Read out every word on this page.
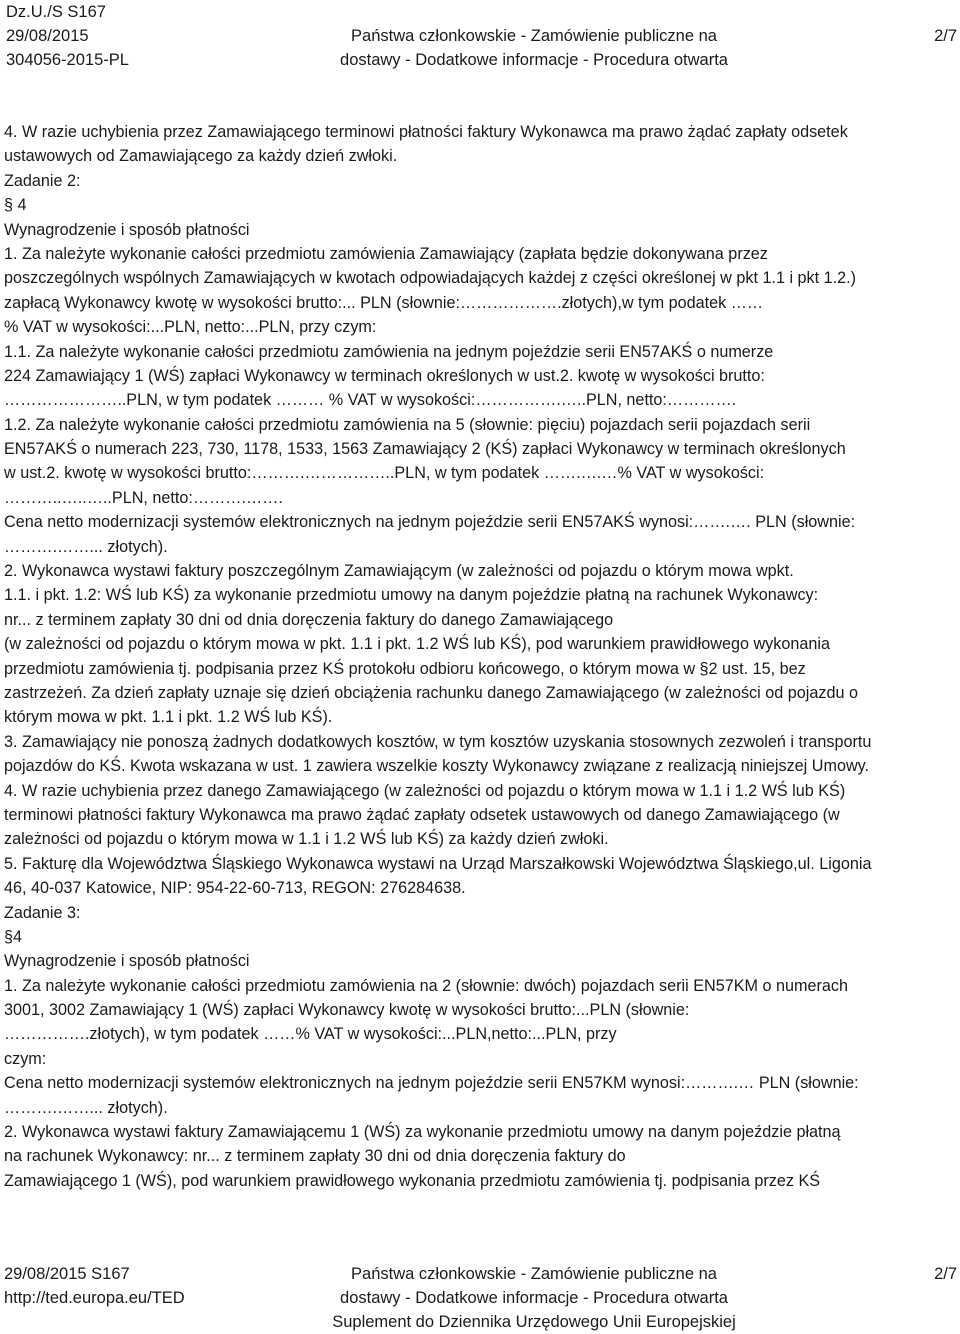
Dz.U./S S167
29/08/2015
304056-2015-PL
Państwa członkowskie - Zamówienie publiczne na
dostawy - Dodatkowe informacje - Procedura otwarta
2/7
4. W razie uchybienia przez Zamawiającego terminowi płatności faktury Wykonawca ma prawo żądać zapłaty odsetek
ustawowych od Zamawiającego za każdy dzień zwłoki.
Zadanie 2:
§ 4
Wynagrodzenie i sposób płatności
1. Za należyte wykonanie całości przedmiotu zamówienia Zamawiający (zapłata będzie dokonywana przez
poszczególnych wspólnych Zamawiających w kwotach odpowiadających każdej z części określonej w pkt 1.1 i pkt 1.2.)
zapłacą Wykonawcy kwotę w wysokości brutto:... PLN (słownie:……………….złotych),w tym podatek ……
% VAT w wysokości:...PLN, netto:...PLN, przy czym:
1.1. Za należyte wykonanie całości przedmiotu zamówienia na jednym pojeździe serii EN57AKŚ o numerze
224 Zamawiający 1 (WŚ) zapłaci Wykonawcy w terminach określonych w ust.2. kwotę w wysokości brutto:
…………………..PLN, w tym podatek ……… % VAT w wysokości:…………….…..PLN, netto:………….
1.2. Za należyte wykonanie całości przedmiotu zamówienia na 5 (słownie: pięciu) pojazdach serii pojazdach serii
EN57AKŚ o numerach 223, 730, 1178, 1533, 1563 Zamawiający 2 (KŚ) zapłaci Wykonawcy w terminach określonych
w ust.2. kwotę w wysokości brutto:……….……………..PLN, w tym podatek …….….…% VAT w wysokości:
………..…..…..PLN, netto:……….…….
Cena netto modernizacji systemów elektronicznych na jednym pojeździe serii EN57AKŚ wynosi:…….…. PLN (słownie:
……….……... złotych).
2. Wykonawca wystawi faktury poszczególnym Zamawiającym (w zależności od pojazdu o którym mowa wpkt.
1.1. i pkt. 1.2: WŚ lub KŚ) za wykonanie przedmiotu umowy na danym pojeździe płatną na rachunek Wykonawcy:
nr... z terminem zapłaty 30 dni od dnia doręczenia faktury do danego Zamawiającego
(w zależności od pojazdu o którym mowa w pkt. 1.1 i pkt. 1.2 WŚ lub KŚ), pod warunkiem prawidłowego wykonania
przedmiotu zamówienia tj. podpisania przez KŚ protokołu odbioru końcowego, o którym mowa w §2 ust. 15, bez
zastrzeżeń. Za dzień zapłaty uznaje się dzień obciążenia rachunku danego Zamawiającego (w zależności od pojazdu o
którym mowa w pkt. 1.1 i pkt. 1.2 WŚ lub KŚ).
3. Zamawiający nie ponoszą żadnych dodatkowych kosztów, w tym kosztów uzyskania stosownych zezwoleń i transportu
pojazdów do KŚ. Kwota wskazana w ust. 1 zawiera wszelkie koszty Wykonawcy związane z realizacją niniejszej Umowy.
4. W razie uchybienia przez danego Zamawiającego (w zależności od pojazdu o którym mowa w 1.1 i 1.2 WŚ lub KŚ)
terminowi płatności faktury Wykonawca ma prawo żądać zapłaty odsetek ustawowych od danego Zamawiającego (w
zależności od pojazdu o którym mowa w 1.1 i 1.2 WŚ lub KŚ) za każdy dzień zwłoki.
5. Fakturę dla Województwa Śląskiego Wykonawca wystawi na Urząd Marszałkowski Województwa Śląskiego,ul. Ligonia
46, 40-037 Katowice, NIP: 954-22-60-713, REGON: 276284638.
Zadanie 3:
§4
Wynagrodzenie i sposób płatności
1. Za należyte wykonanie całości przedmiotu zamówienia na 2 (słownie: dwóch) pojazdach serii EN57KM o numerach
3001, 3002 Zamawiający 1 (WŚ) zapłaci Wykonawcy kwotę w wysokości brutto:...PLN (słownie:
…………….złotych), w tym podatek ……% VAT w wysokości:...PLN,netto:...PLN, przy
czym:
Cena netto modernizacji systemów elektronicznych na jednym pojeździe serii EN57KM wynosi:……….… PLN (słownie:
……….……... złotych).
2. Wykonawca wystawi faktury Zamawiającemu 1 (WŚ) za wykonanie przedmiotu umowy na danym pojeździe płatną
na rachunek Wykonawcy: nr... z terminem zapłaty 30 dni od dnia doręczenia faktury do
Zamawiającego 1 (WŚ), pod warunkiem prawidłowego wykonania przedmiotu zamówienia tj. podpisania przez KŚ
29/08/2015 S167
http://ted.europa.eu/TED
Państwa członkowskie - Zamówienie publiczne na
dostawy - Dodatkowe informacje - Procedura otwarta
Suplement do Dziennika Urzędowego Unii Europejskiej
2/7
